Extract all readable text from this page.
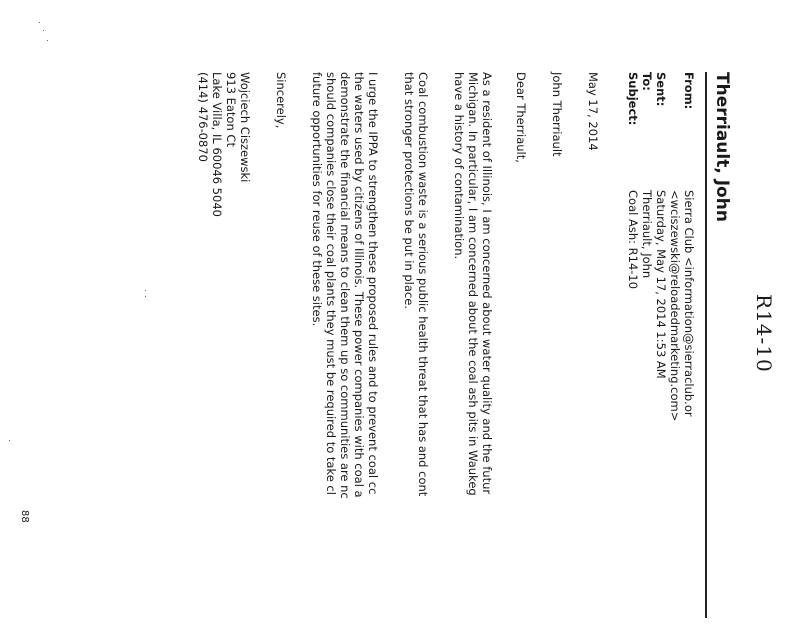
R14-10
Therriault, John
From:
Sierra Club <information@sierraclub.or
<wciszewski@reloadedmarketing.com>
Sent:
Saturday, May 17, 2014 1:53 AM
To:
Therriault, John
Subject:
Coal Ash: R14-10
May 17, 2014
John Therriault
Dear Therriault,
As a resident of Illinois, I am concerned about water quality and the futur
Michigan. In particular, I am concerned about the coal ash pits in Waukeg
have a history of contamination.
Coal combustion waste is a serious public health threat that has and cont
that stronger protections be put in place.
I urge the IPPA to strengthen these proposed rules and to prevent coal cc
the waters used by citizens of Illinois. These power companies with coal a
demonstrate the financial means to clean them up so communities are nc
should companies close their coal plants they must be required to take cl
future opportunities for reuse of these sites.
Sincerely,
Wojciech Ciszewski
913 Eaton Ct
Lake Villa, IL 60046 5040
(414) 476-0870
88
